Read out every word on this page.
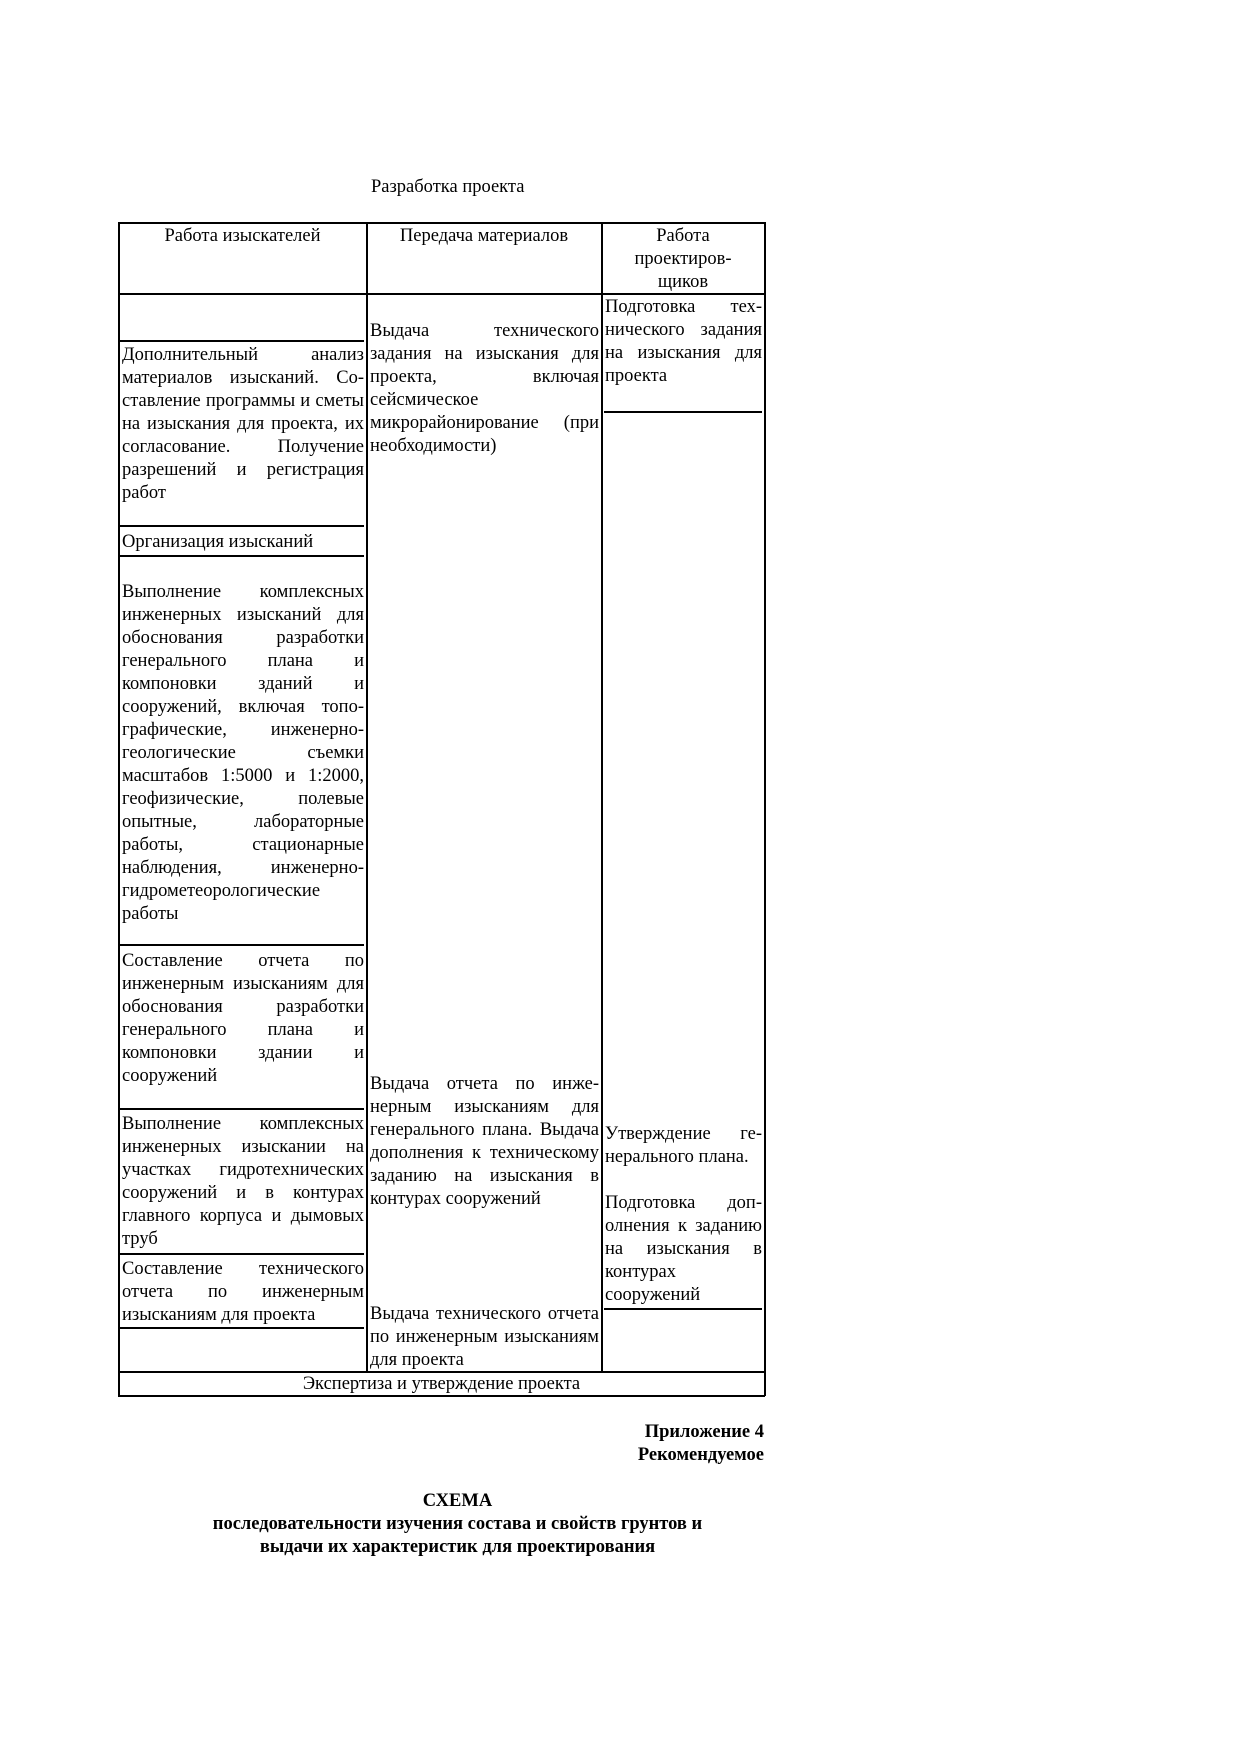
Разработка проекта
Работа изыскателей	Передача материалов	Работа проектиров-щиков
Дополнительный анализ материалов изысканий. Составление программы и сметы на изыскания для проекта, их согласование. Получение разрешений и регистрация работ
Организация изысканий
Выполнение комплексных инженерных изысканий для обоснования разработки генерального плана и компоновки зданий и сооружений, включая топографические, инженерно-геологические съемки масштабов 1:5000 и 1:2000, геофизические, полевые опытные, лабораторные работы, стационарные наблюдения, инженерно-гидрометеорологические работы
Составление отчета по инженерным изысканиям для обоснования разработки генерального плана и компоновки здании и сооружений
Выполнение комплексных инженерных изыскании на участках гидротехнических сооружений и в контурах главного корпуса и дымовых труб
Составление технического отчета по инженерным изысканиям для проекта
Выдача технического задания на изыскания для проекта, включая сейсмическое микрорайонирование (при необходимости)
Выдача отчета по инженерным изысканиям для генерального плана. Выдача дополнения к техническому заданию на изыскания в контурах сооружений
Выдача технического отчета по инженерным изысканиям для проекта
Подготовка технического задания на изыскания для проекта
Утверждение генерального плана.
Подготовка дополнения к заданию на изыскания в контурах сооружений
Экспертиза и утверждение проекта
Приложение 4
Рекомендуемое
СХЕМА
последовательности изучения состава и свойств грунтов и
выдачи их характеристик для проектирования
